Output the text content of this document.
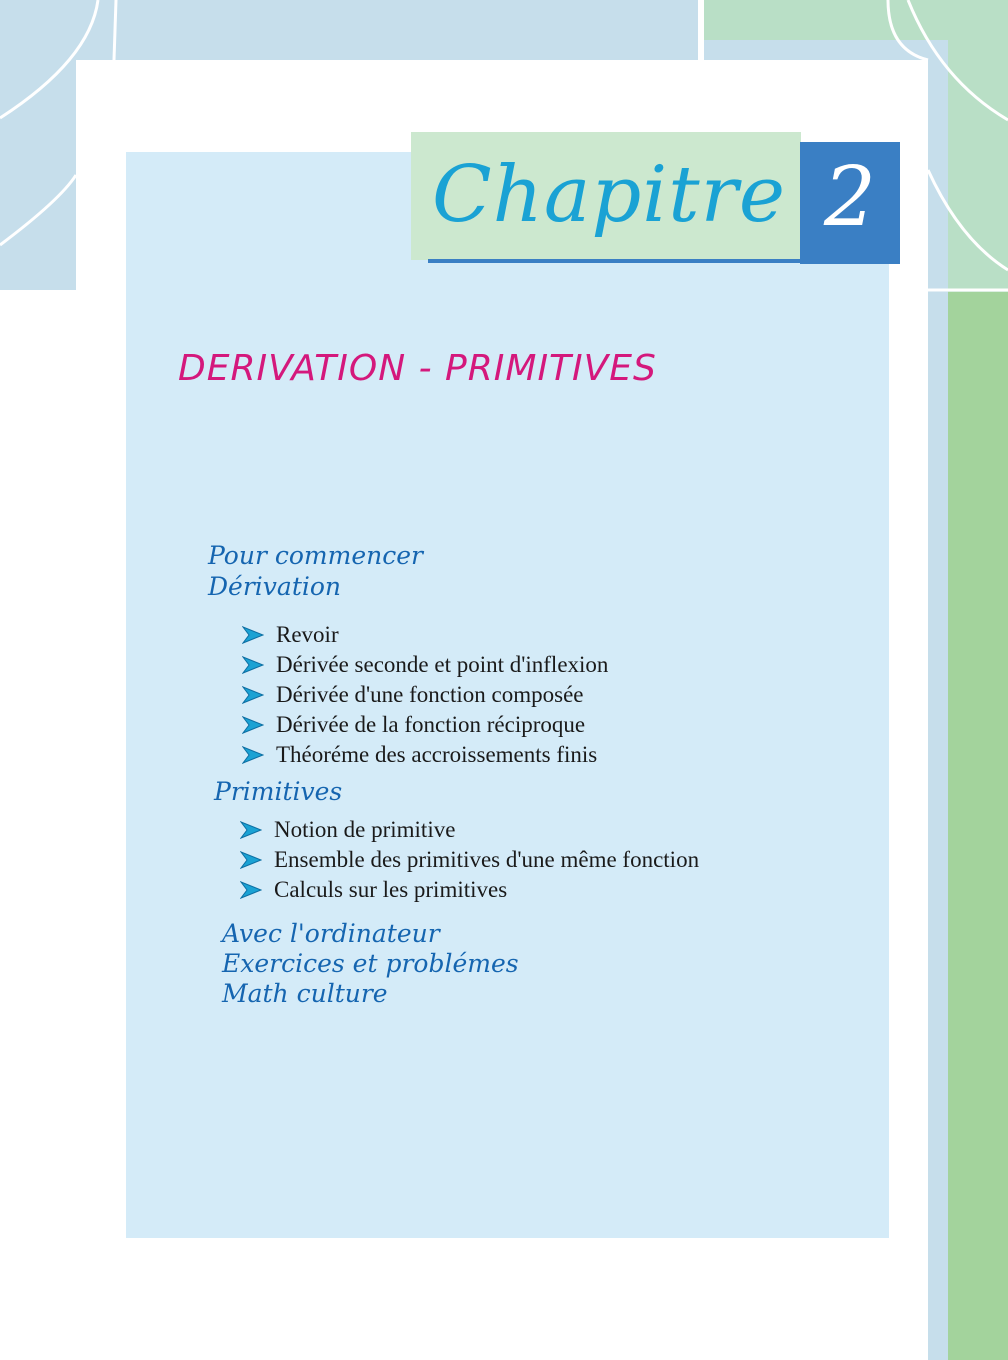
Chapitre 2
DERIVATION - PRIMITIVES
Pour commencer
Dérivation
Revoir
Dérivée seconde et point d'inflexion
Dérivée d'une fonction composée
Dérivée de la fonction réciproque
Théoréme des accroissements finis
Primitives
Notion de primitive
Ensemble des primitives d'une même fonction
Calculs sur les primitives
Avec l'ordinateur
Exercices et problémes
Math culture
